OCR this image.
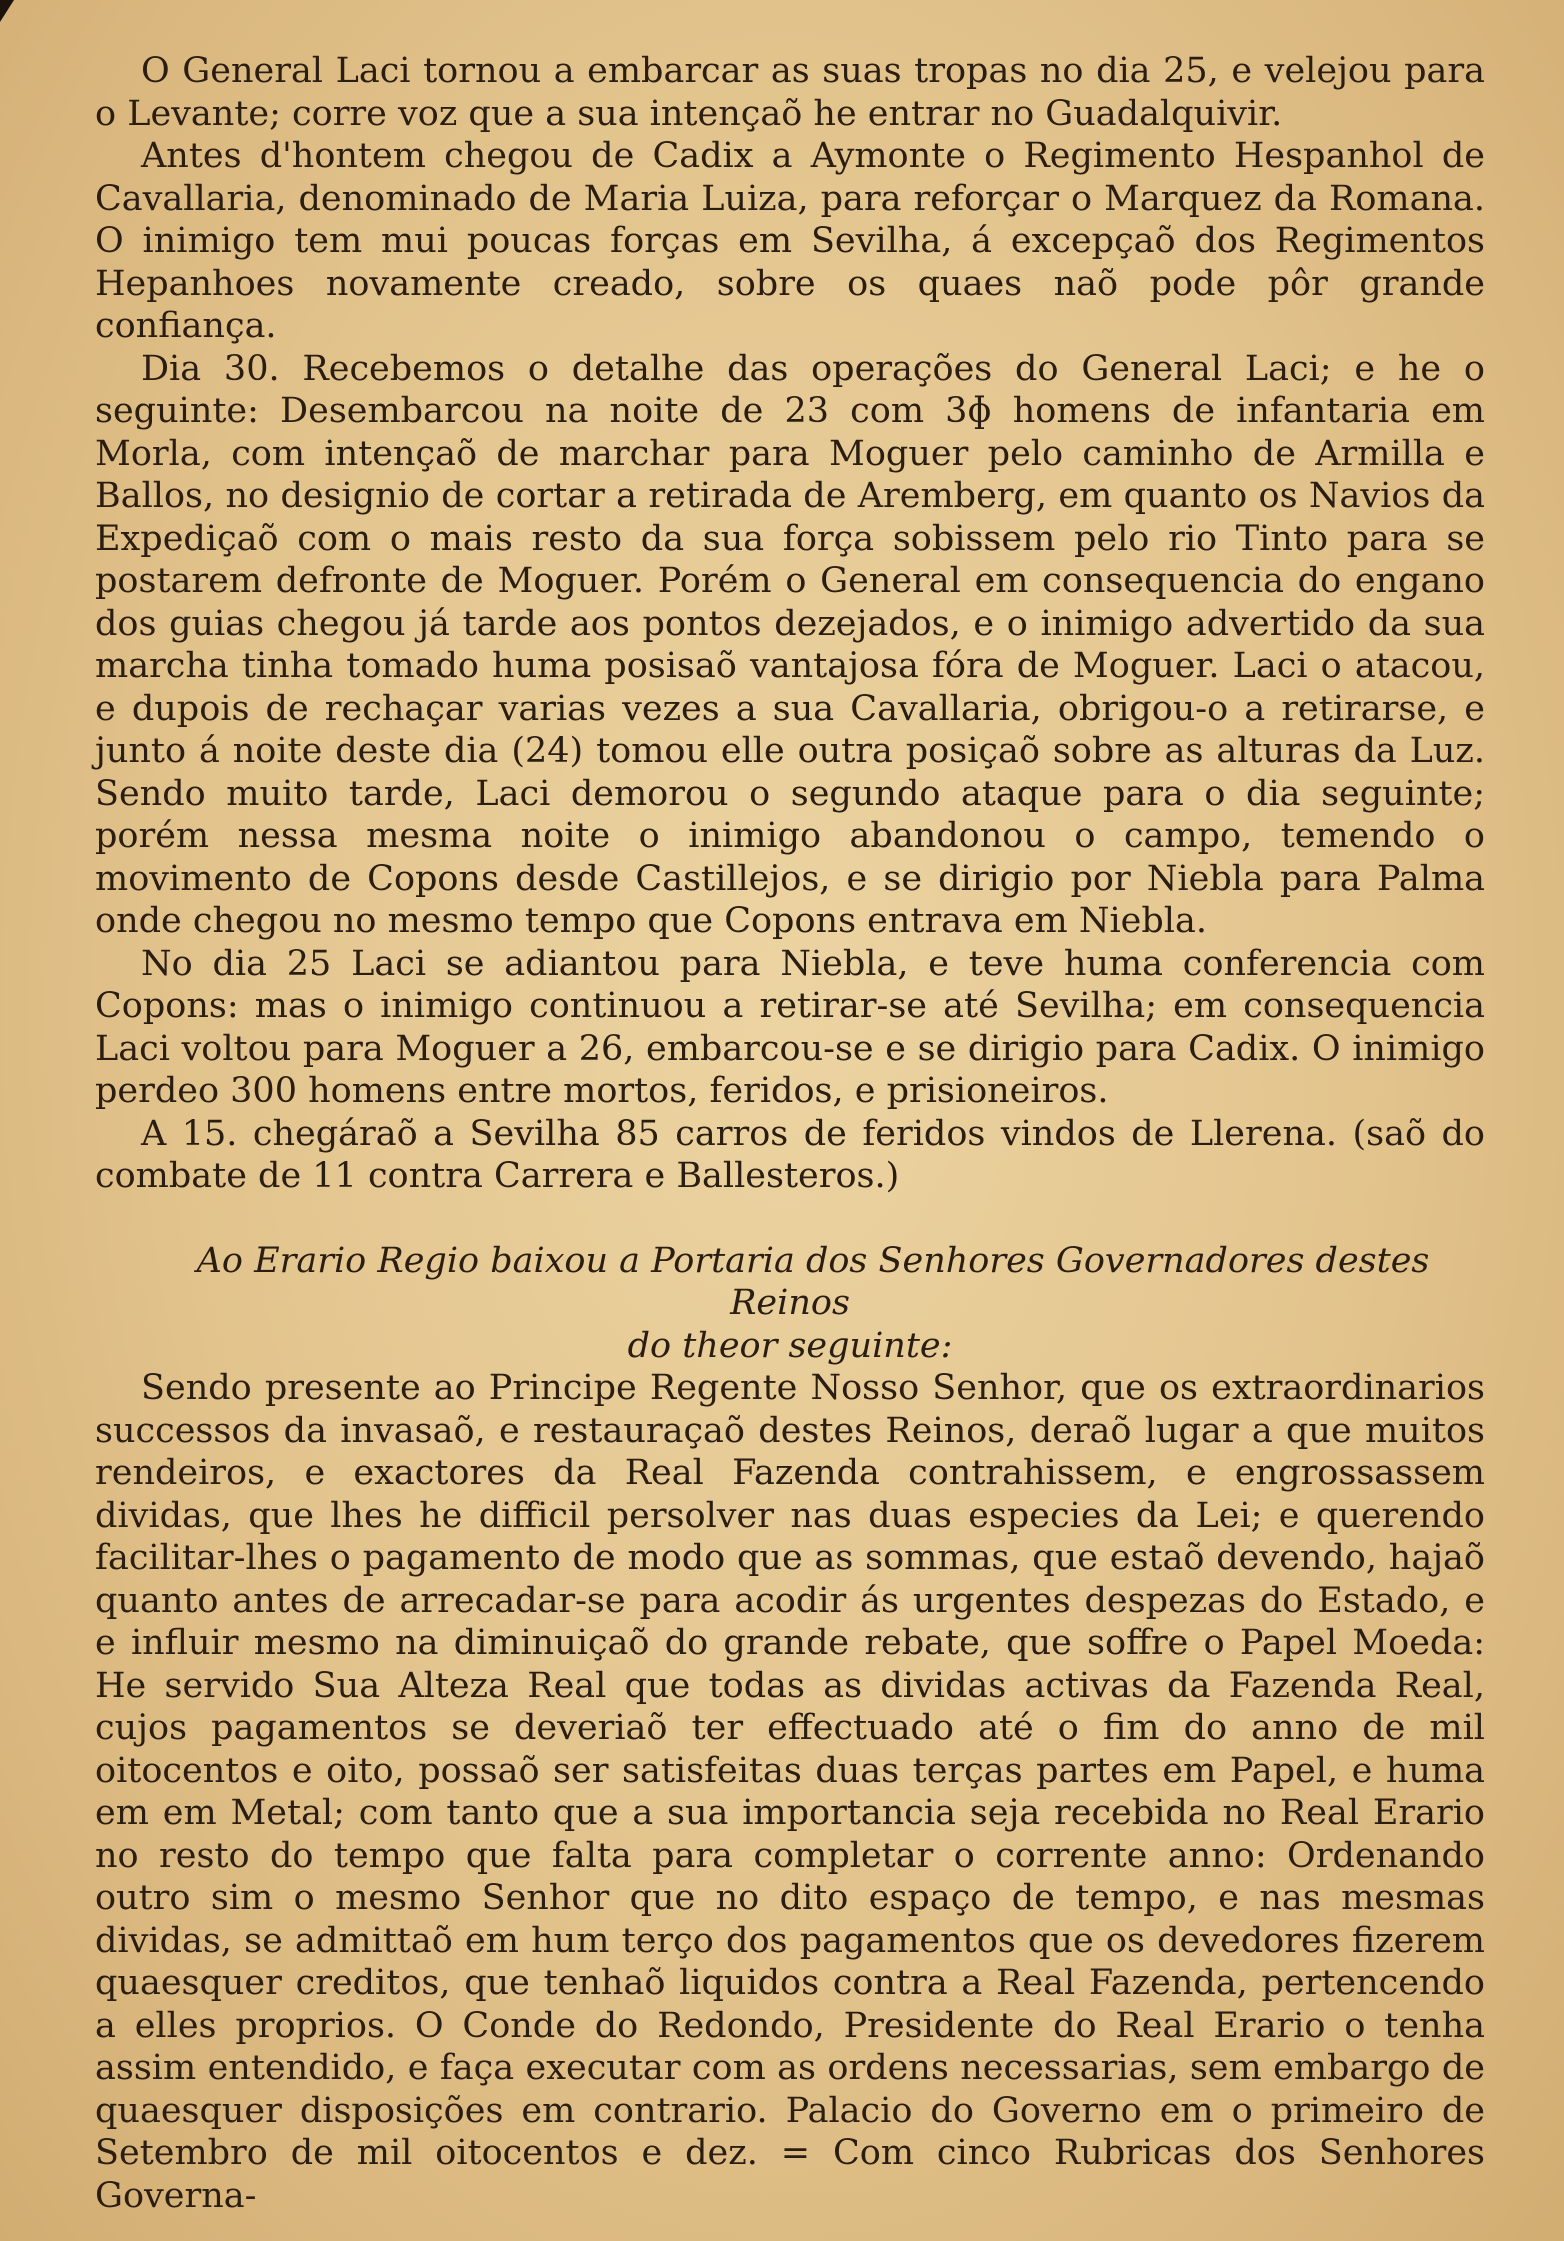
O General Laci tornou a embarcar as suas tropas no dia 25, e velejou para o Levante; corre voz que a sua intençaõ he entrar no Guadalquivir.

Antes d'hontem chegou de Cadix a Aymonte o Regimento Hespanhol de Cavallaria, denominado de Maria Luiza, para reforçar o Marquez da Romana. O inimigo tem mui poucas forças em Sevilha, á excepçaõ dos Regimentos Hepanhoes novamente creado, sobre os quaes naõ pode pôr grande confiança.

Dia 30. Recebemos o detalhe das operações do General Laci; e he o seguinte: Desembarcou na noite de 23 com 3ɸ homens de infantaria em Morla, com intençaõ de marchar para Moguer pelo caminho de Armilla e Ballos, no designio de cortar a retirada de Aremberg, em quanto os Navios da Expediçaõ com o mais resto da sua força sobissem pelo rio Tinto para se postarem defronte de Moguer. Porém o General em consequencia do engano dos guias chegou já tarde aos pontos dezejados, e o inimigo advertido da sua marcha tinha tomado huma posisaõ vantajosa fóra de Moguer. Laci o atacou, e dupois de rechaçar varias vezes a sua Cavallaria, obrigou-o a retirarse, e junto á noite deste dia (24) tomou elle outra posiçaõ sobre as alturas da Luz. Sendo muito tarde, Laci demorou o segundo ataque para o dia seguinte; porém nessa mesma noite o inimigo abandonou o campo, temendo o movimento de Copons desde Castillejos, e se dirigio por Niebla para Palma onde chegou no mesmo tempo que Copons entrava em Niebla.

No dia 25 Laci se adiantou para Niebla, e teve huma conferencia com Copons: mas o inimigo continuou a retirar-se até Sevilha; em consequencia Laci voltou para Moguer a 26, embarcou-se e se dirigio para Cadix. O inimigo perdeo 300 homens entre mortos, feridos, e prisioneiros.

A 15. chegáraõ a Sevilha 85 carros de feridos vindos de Llerena. (saõ do combate de 11 contra Carrera e Ballesteros.)

Ao Erario Regio baixou a Portaria dos Senhores Governadores destes Reinos
do theor seguinte:

Sendo presente ao Principe Regente Nosso Senhor, que os extraordinarios successos da invasaõ, e restauraçaõ destes Reinos, deraõ lugar a que muitos rendeiros, e exactores da Real Fazenda contrahissem, e engrossassem dividas, que lhes he difficil persolver nas duas especies da Lei; e querendo facilitar-lhes o pagamento de modo que as sommas, que estaõ devendo, hajaõ quanto antes de arrecadar-se para acodir ás urgentes despezas do Estado, e e influir mesmo na diminuiçaõ do grande rebate, que soffre o Papel Moeda: He servido Sua Alteza Real que todas as dividas activas da Fazenda Real, cujos pagamentos se deveriaõ ter effectuado até o fim do anno de mil oitocentos e oito, possaõ ser satisfeitas duas terças partes em Papel, e huma em em Metal; com tanto que a sua importancia seja recebida no Real Erario no resto do tempo que falta para completar o corrente anno: Ordenando outro sim o mesmo Senhor que no dito espaço de tempo, e nas mesmas dividas, se admittaõ em hum terço dos pagamentos que os devedores fizerem quaesquer creditos, que tenhaõ liquidos contra a Real Fazenda, pertencendo a elles proprios. O Conde do Redondo, Presidente do Real Erario o tenha assim entendido, e faça executar com as ordens necessarias, sem embargo de quaesquer disposições em contrario. Palacio do Governo em o primeiro de Setembro de mil oitocentos e dez. = Com cinco Rubricas dos Senhores Governa-
